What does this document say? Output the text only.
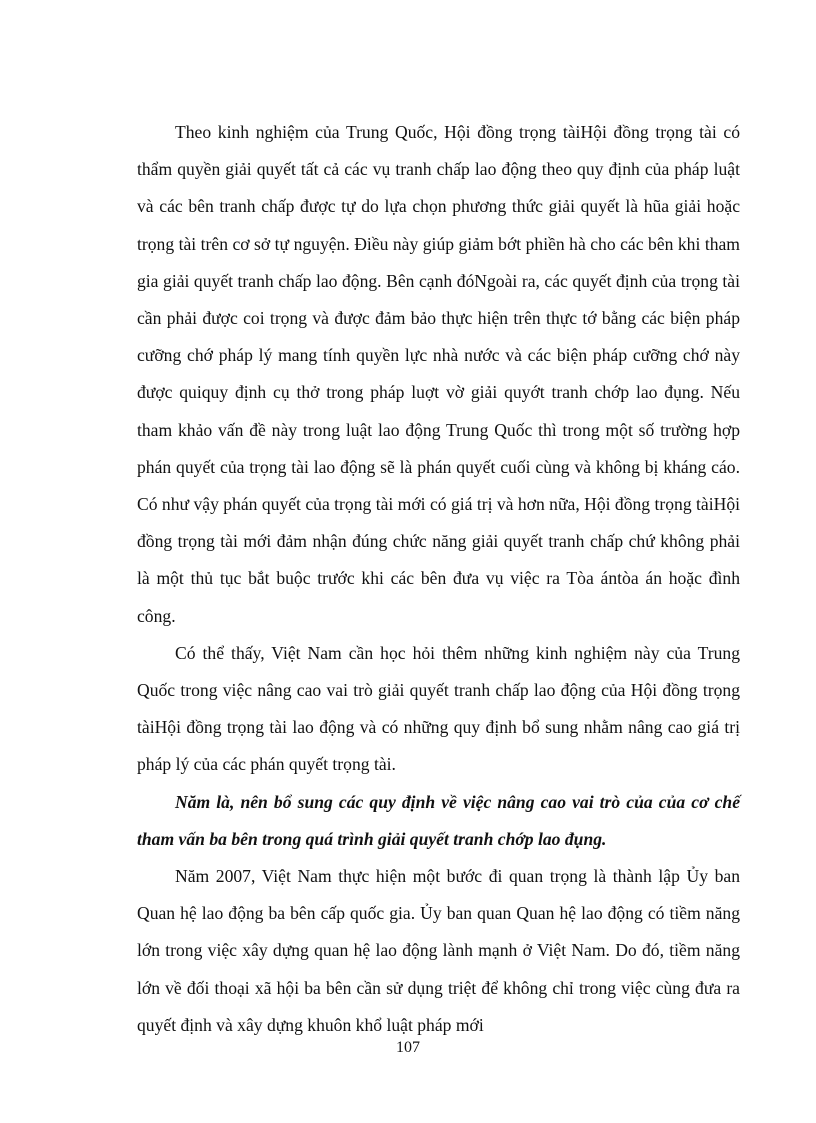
Theo kinh nghiệm của Trung Quốc, Hội đồng trọng tàiHội đồng trọng tài có thẩm quyền giải quyết tất cả các vụ tranh chấp lao động theo quy định của pháp luật và các bên tranh chấp được tự do lựa chọn phương thức giải quyết là hũa giải hoặc trọng tài trên cơ sở tự nguyện. Điều này giúp giảm bớt phiền hà cho các bên khi tham gia giải quyết tranh chấp lao động. Bên cạnh đóNgoài ra, các quyết định của trọng tài cần phải được coi trọng và được đảm bảo thực hiện trên thực tớ bằng các biện pháp cưỡng chớ pháp lý mang tính quyền lực nhà nước và các biện pháp cưỡng chớ này được quiquy định cụ thở trong pháp luợt vờ giải quyớt tranh chớp lao đụng. Nếu tham khảo vấn đề này trong luật lao động Trung Quốc thì trong một số trường hợp phán quyết của trọng tài lao động sẽ là phán quyết cuối cùng và không bị kháng cáo. Có như vậy phán quyết của trọng tài mới có giá trị và hơn nữa, Hội đồng trọng tàiHội đồng trọng tài mới đảm nhận đúng chức năng giải quyết tranh chấp chứ không phải là một thủ tục bắt buộc trước khi các bên đưa vụ việc ra Tòa ántòa án hoặc đình công.

Có thể thấy, Việt Nam cần học hỏi thêm những kinh nghiệm này của Trung Quốc trong việc nâng cao vai trò giải quyết tranh chấp lao động của Hội đồng trọng tàiHội đồng trọng tài lao động và có những quy định bổ sung nhằm nâng cao giá trị pháp lý của các phán quyết trọng tài.

Năm là, nên bổ sung các quy định về việc nâng cao vai trò của của cơ chế tham vấn ba bên trong quá trình giải quyết tranh chớp lao đụng.

Năm 2007, Việt Nam thực hiện một bước đi quan trọng là thành lập Ủy ban Quan hệ lao động ba bên cấp quốc gia. Ủy ban quan Quan hệ lao động có tiềm năng lớn trong việc xây dựng quan hệ lao động lành mạnh ở Việt Nam. Do đó, tiềm năng lớn về đối thoại xã hội ba bên cần sử dụng triệt để không chỉ trong việc cùng đưa ra quyết định và xây dựng khuôn khổ luật pháp mới

107
